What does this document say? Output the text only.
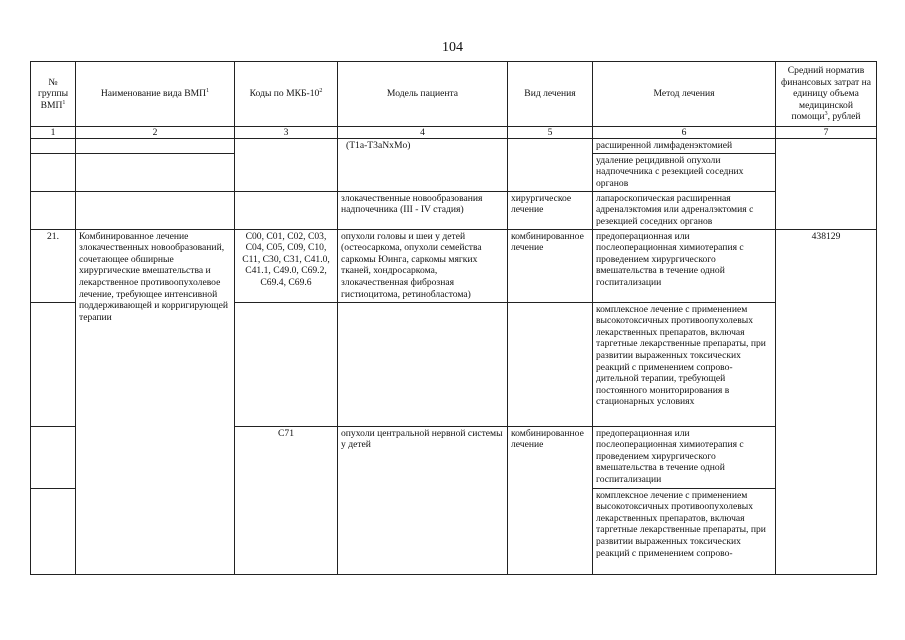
104
№ группы ВМП$^1$	Наименование вида ВМП$^1$	Коды по МКБ-$10^2$	Модель пациента	Вид лечения	Метод лечения	Средний норматив финансовых затрат на единицу объема медицинской помощи$^3$, рублей
1	2	3	4	5	6	7
			(T1a-T3aNxMo)		расширенной лимфаденэктомией	
					удаление рецидивной опухоли надпочечника с резекцией соседних органов	
			злокачественные новообразования надпочечника (III - IV стадия)	хирургическое лечение	лапароскопическая расширенная адреналэктомия или адреналэктомия с резекцией соседних органов	
21.	Комбинированное лечение злокачественных новообразований, сочетающее обширные хирургические вмешательства и лекарственное противоопухолевое лечение, требующее интенсивной поддерживающей и корригирующей терапии	C00, C01, C02, C03, C04, C05, C09, C10, C11, C30, C31, C41.0, C41.1, C49.0, C69.2, C69.4, C69.6	опухоли головы и шеи у детей (остеосаркома, опухоли семейства саркомы Юинга, саркомы мягких тканей, хондросаркома, злокачественная фиброзная гистиоцитома, ретинобластома)	комбинированное лечение	предоперационная или послеоперационная химиотерапия с проведением хирургического вмешательства в течение одной госпитализации	438129
					комплексное лечение с применением высокотоксичных противоопухолевых лекарственных препаратов, включая таргетные лекарственные препараты, при развитии выраженных токсических реакций с применением сопрово-дительной терапии, требующей постоянного мониторирования в стационарных условиях	
		C71	опухоли центральной нервной системы у детей	комбинированное лечение	предоперационная или послеоперационная химиотерапия с проведением хирургического вмешательства в течение одной госпитализации	
					комплексное лечение с применением высокотоксичных противоопухолевых лекарственных препаратов, включая таргетные лекарственные препараты, при развитии выраженных токсических реакций с применением сопрово-	
